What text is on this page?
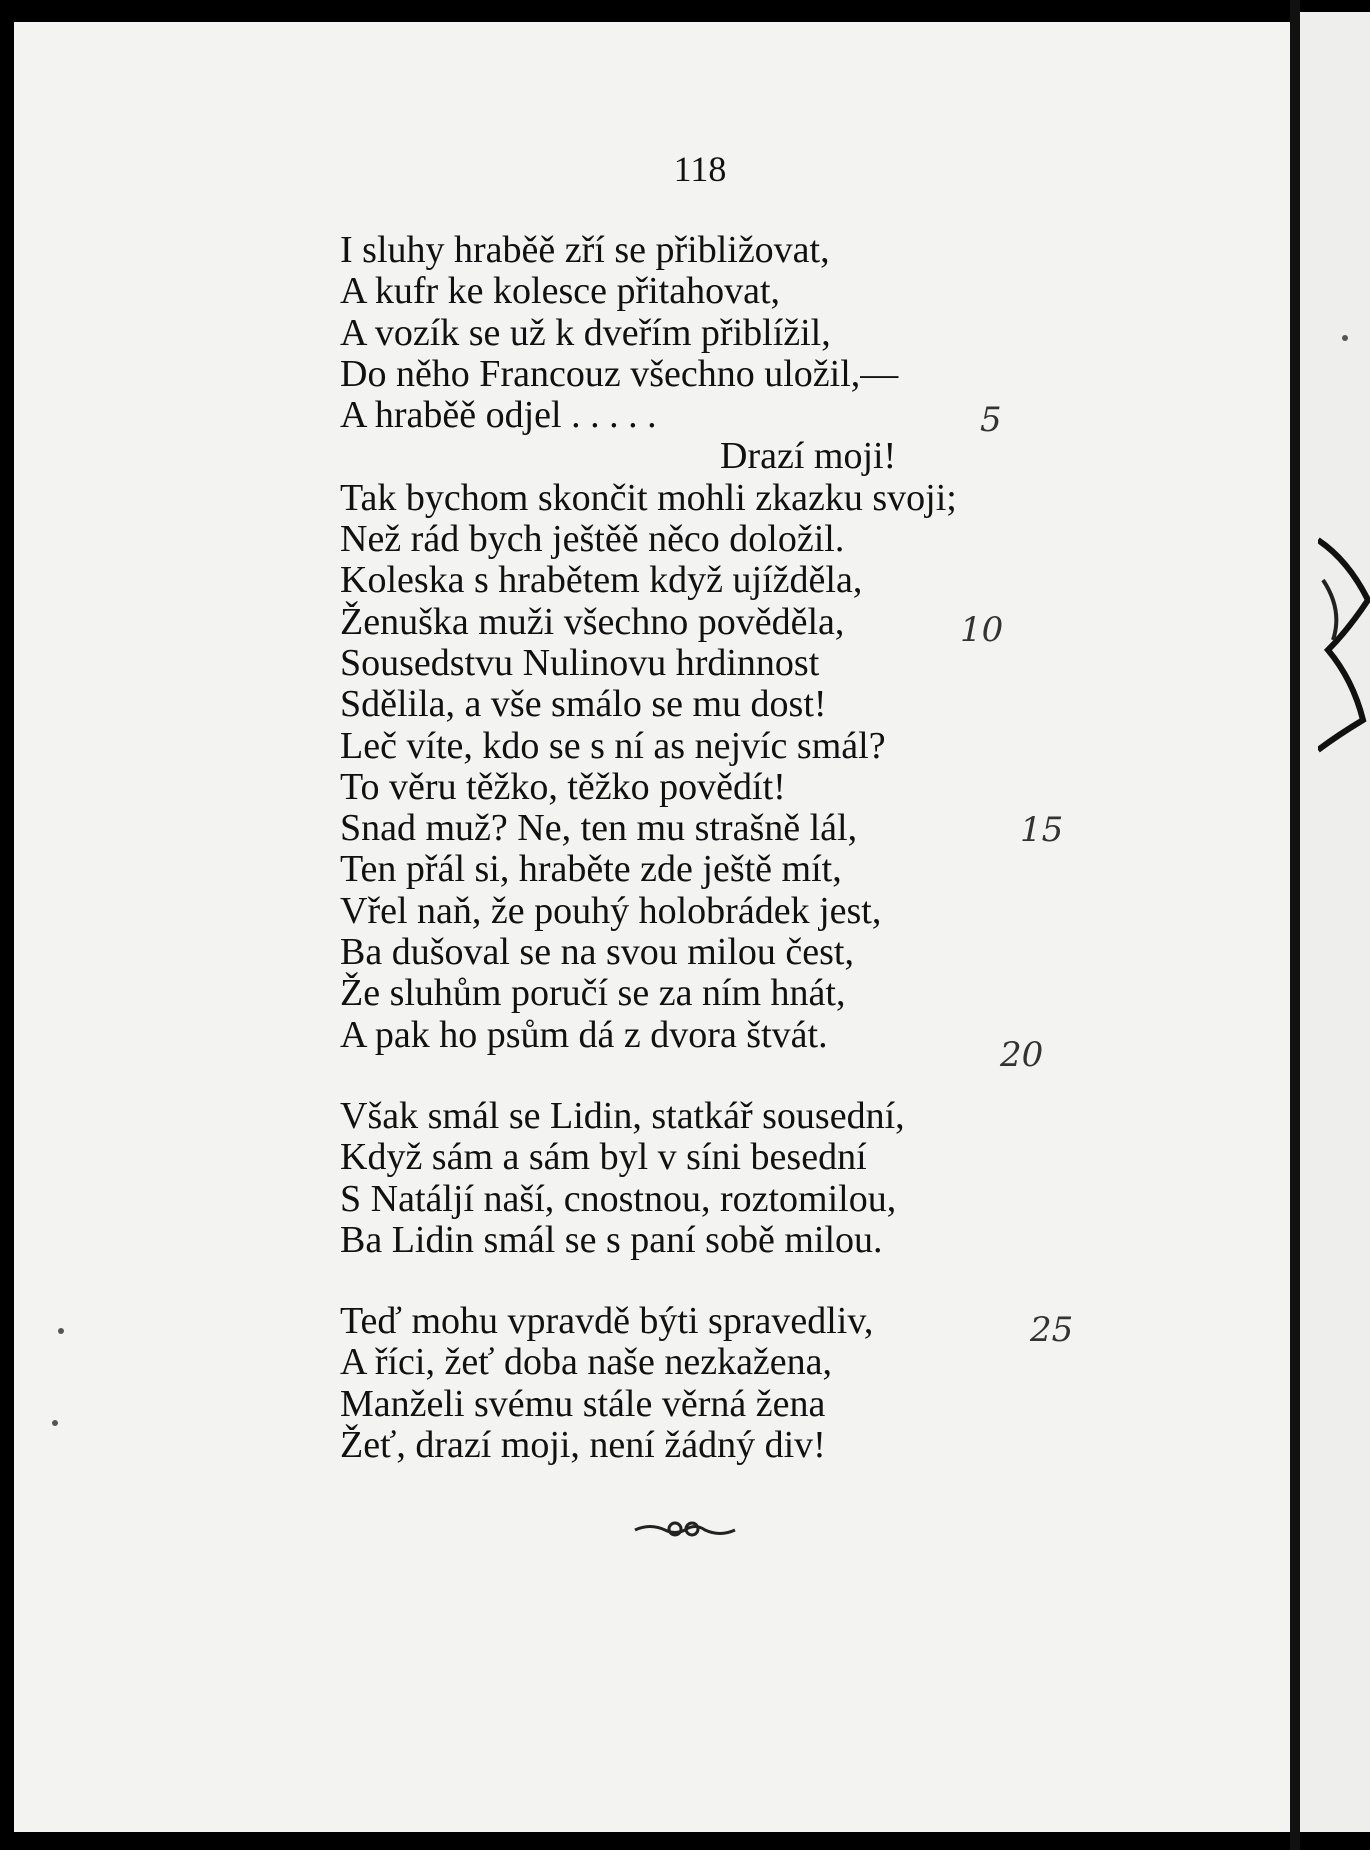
118
I sluhy hraběě zří se přibližovat,
A kufr ke kolesce přitahovat,
A vozík se už k dveřím přiblížil,
Do něho Francouz všechno uložil,—
A hraběě odjel . . . . .
Drazí moji!
Tak bychom skončit mohli zkazku svoji;
Než rád bych ještěě něco doložil.
Koleska s hrabětem když ujížděla,
Ženuška muži všechno pověděla,
Sousedstvu Nulinovu hrdinnost
Sdělila, a vše smálo se mu dost!
Leč víte, kdo se s ní as nejvíc smál?
To věru těžko, těžko povědít!
Snad muž? Ne, ten mu strašně lál,
Ten přál si, hraběte zde ještě mít,
Vřel naň, že pouhý holobrádek jest,
Ba dušoval se na svou milou čest,
Že sluhům poručí se za ním hnát,
A pak ho psům dá z dvora štvát.
Však smál se Lidin, statkář sousední,
Když sám a sám byl v síni besední
S Natáljí naší, cnostnou, roztomilou,
Ba Lidin smál se s paní sobě milou.
Teď mohu vpravdě býti spravedliv,
A říci, žeť doba naše nezkažena,
Manželi svému stále věrná žena
Žeť, drazí moji, není žádný div!
5
10
15
20
25
